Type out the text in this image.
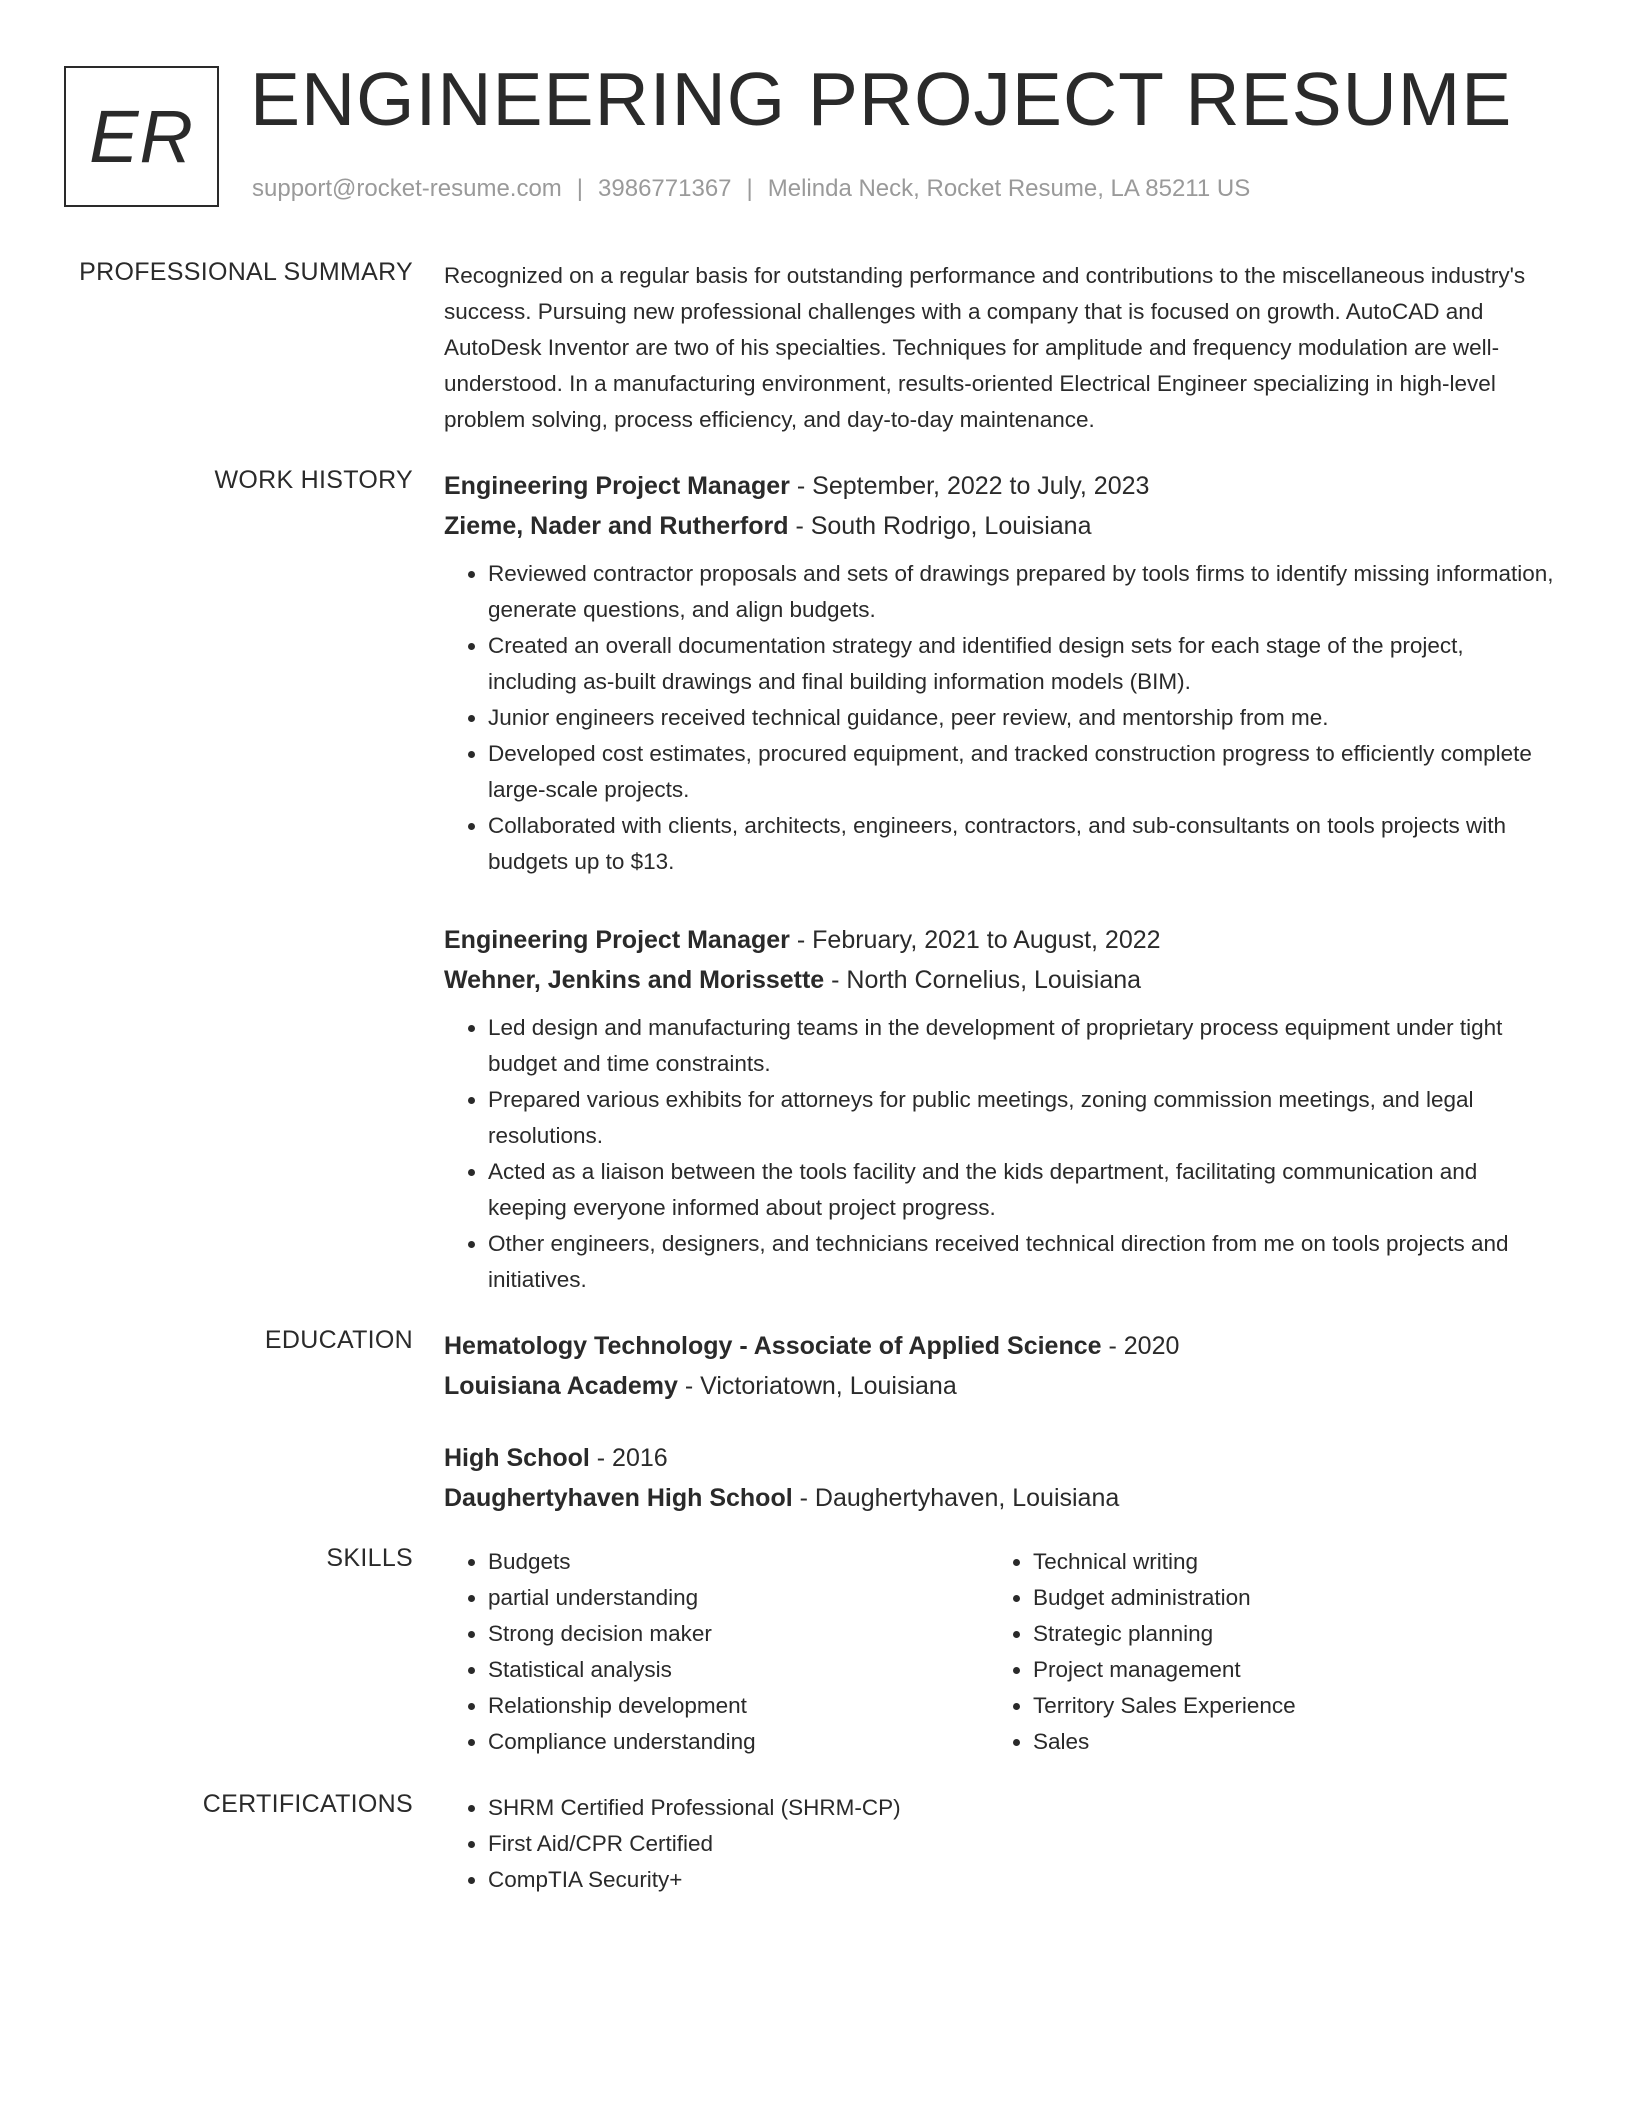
ER ENGINEERING PROJECT RESUME
support@rocket-resume.com | 3986771367 | Melinda Neck, Rocket Resume, LA 85211 US
PROFESSIONAL SUMMARY Recognized on a regular basis for outstanding performance and contributions to the miscellaneous industry's success. Pursuing new professional challenges with a company that is focused on growth. AutoCAD and AutoDesk Inventor are two of his specialties. Techniques for amplitude and frequency modulation are well-understood. In a manufacturing environment, results-oriented Electrical Engineer specializing in high-level problem solving, process efficiency, and day-to-day maintenance.

WORK HISTORY Engineering Project Manager - September, 2022 to July, 2023

Zieme, Nader and Rutherford - South Rodrigo, Louisiana

• Reviewed contractor proposals and sets of drawings prepared by tools firms to identify missing information, generate questions, and align budgets.
• Created an overall documentation strategy and identified design sets for each stage of the project, including as-built drawings and final building information models (BIM).
• Junior engineers received technical guidance, peer review, and mentorship from me.
• Developed cost estimates, procured equipment, and tracked construction progress to efficiently complete large-scale projects.
• Collaborated with clients, architects, engineers, contractors, and sub-consultants on tools projects with budgets up to $13.

Engineering Project Manager - February, 2021 to August, 2022

Wehner, Jenkins and Morissette - North Cornelius, Louisiana

• Led design and manufacturing teams in the development of proprietary process equipment under tight budget and time constraints.
• Prepared various exhibits for attorneys for public meetings, zoning commission meetings, and legal resolutions.
• Acted as a liaison between the tools facility and the kids department, facilitating communication and keeping everyone informed about project progress.
• Other engineers, designers, and technicians received technical direction from me on tools projects and initiatives.
EDUCATION Hematology Technology - Associate of Applied Science - 2020

Louisiana Academy - Victoriatown, Louisiana

High School - 2016

Daughertyhaven High School - Daughertyhaven, Louisiana

SKILLS	• Budgets
• partial understanding
• Strong decision maker
• Statistical analysis
• Relationship development
• Compliance understanding
• Technical writing
• Budget administration
• Strategic planning
• Project management
• Territory Sales Experience
• Sales
CERTIFICATIONS	• SHRM Certified Professional (SHRM-CP)
• First Aid/CPR Certified
• CompTIA Security+
